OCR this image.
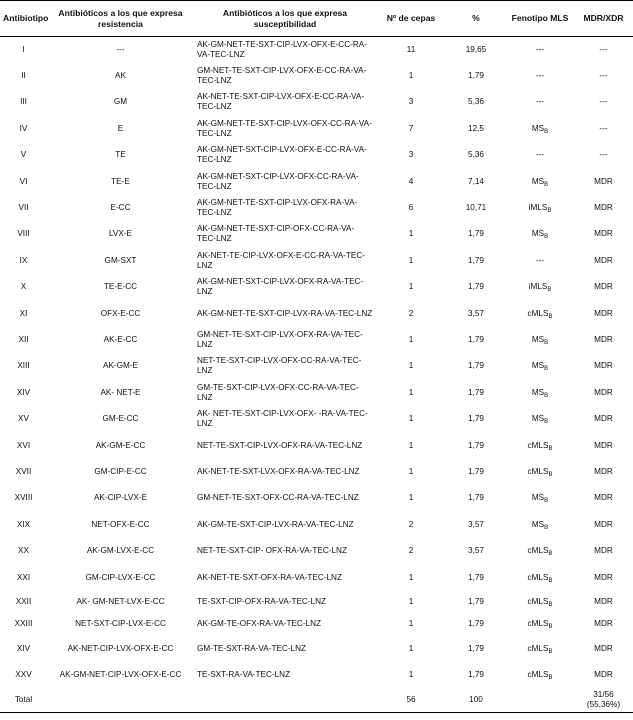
Antibiotipo	Antibióticos a los que expresa resistencia	Antibióticos a los que expresa susceptibilidad	Nº de cepas	%	Fenotipo MLS	MDR/XDR
I	---	AK-GM-NET-TE-SXT-CIP-LVX-OFX-E-CC-RA-VA-TEC-LNZ	11	19,65	---	---
II	AK	GM-NET-TE-SXT-CIP-LVX-OFX-E-CC-RA-VA-TEC-LNZ	1	1,79	---	---
III	GM	AK-NET-TE-SXT-CIP-LVX-OFX-E-CC-RA-VA-TEC-LNZ	3	5,36	---	---
IV	E	AK-GM-NET-TE-SXT-CIP-LVX-OFX-CC-RA-VA-TEC-LNZ	7	12,5	$MS_B$	---
V	TE	AK-GM-NET-SXT-CIP-LVX-OFX-E-CC-RA-VA-TEC-LNZ	3	5,36	---	---
VI	TE-E	AK-GM-NET-SXT-CIP-LVX-OFX-CC-RA-VA-TEC-LNZ	4	7,14	$MS_B$	MDR
VII	E-CC	AK-GM-NET-TE-SXT-CIP-LVX-OFX-RA-VA-TEC-LNZ	6	10,71	iMLS$_B$	MDR
VIII	LVX-E	AK-GM-NET-TE-SXT-CIP-OFX-CC-RA-VA-TEC-LNZ	1	1,79	$MS_B$	MDR
IX	GM-SXT	AK-NET-TE-CIP-LVX-OFX-E-CC-RA-VA-TEC-LNZ	1	1,79	---	MDR
X	TE-E-CC	AK-GM-NET-SXT-CIP-LVX-OFX-RA-VA-TEC-LNZ	1	1,79	iMLS$_B$	MDR
XI	OFX-E-CC	AK-GM-NET-TE-SXT-CIP-LVX-RA-VA-TEC-LNZ	2	3,57	cMLS$_B$	MDR
XII	AK-E-CC	GM-NET-TE-SXT-CIP-LVX-OFX-RA-VA-TEC-LNZ	1	1,79	$MS_B$	MDR
XIII	AK-GM-E	NET-TE-SXT-CIP-LVX-OFX-CC-RA-VA-TEC-LNZ	1	1,79	$MS_B$	MDR
XIV	AK- NET-E	GM-TE-SXT-CIP-LVX-OFX-CC-RA-VA-TEC-LNZ	1	1,79	$MS_B$	MDR
XV	GM-E-CC	AK- NET-TE-SXT-CIP-LVX-OFX- -RA-VA-TEC-LNZ	1	1,79	$MS_B$	MDR
XVI	AK-GM-E-CC	NET-TE-SXT-CIP-LVX-OFX-RA-VA-TEC-LNZ	1	1,79	cMLS$_B$	MDR
XVII	GM-CIP-E-CC	AK-NET-TE-SXT-LVX-OFX-RA-VA-TEC-LNZ	1	1,79	cMLS$_B$	MDR
XVIII	AK-CIP-LVX-E	GM-NET-TE-SXT-OFX-CC-RA-VA-TEC-LNZ	1	1,79	$MS_B$	MDR
XIX	NET-OFX-E-CC	AK-GM-TE-SXT-CIP-LVX-RA-VA-TEC-LNZ	2	3,57	$MS_B$	MDR
XX	AK-GM-LVX-E-CC	NET-TE-SXT-CIP- OFX-RA-VA-TEC-LNZ	2	3,57	cMLS$_B$	MDR
XXI	GM-CIP-LVX-E-CC	AK-NET-TE-SXT-OFX-RA-VA-TEC-LNZ	1	1,79	cMLS$_B$	MDR
XXII	AK- GM-NET-LVX-E-CC	TE-SXT-CIP-OFX-RA-VA-TEC-LNZ	1	1,79	cMLS$_B$	MDR
XXIII	NET-SXT-CIP-LVX-E-CC	AK-GM-TE-OFX-RA-VA-TEC-LNZ	1	1,79	cMLS$_B$	MDR
XIV	AK-NET-CIP-LVX-OFX-E-CC	GM-TE-SXT-RA-VA-TEC-LNZ	1	1,79	cMLS$_B$	MDR
XXV	AK-GM-NET-CIP-LVX-OFX-E-CC	TE-SXT-RA-VA-TEC-LNZ	1	1,79	cMLS$_B$	MDR
Total			56	100		31/56 (55,36%)
